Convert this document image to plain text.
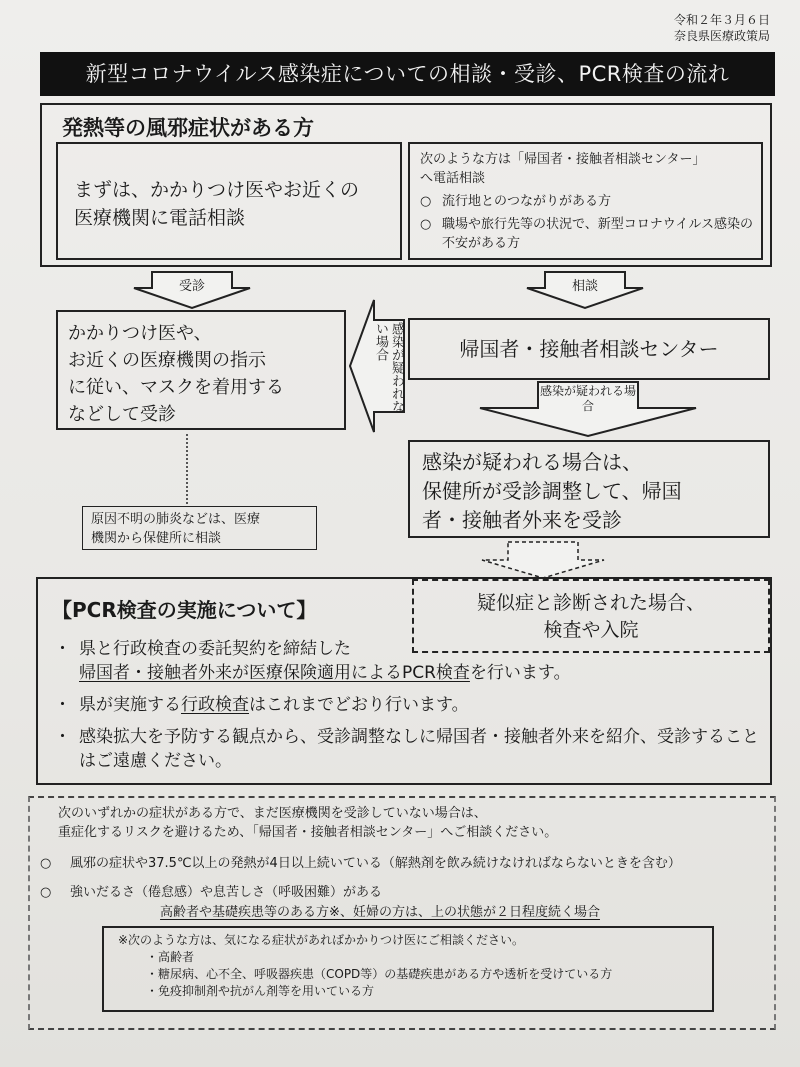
令和２年３月６日
奈良県医療政策局
新型コロナウイルス感染症についての相談・受診、PCR検査の流れ
発熱等の風邪症状がある方
まずは、かかりつけ医やお近くの
医療機関に電話相談
次のような方は「帰国者・接触者相談センター」
へ電話相談
○ 流行地とのつながりがある方
○ 職場や旅行先等の状況で、新型コロナウイルス感染の不安がある方
受診	相談
かかりつけ医や、
お近くの医療機関の指示
に従い、マスクを着用する
などして受診
感染が疑われない場合	帰国者・接触者相談センター
感染が疑われる場合
感染が疑われる場合は、
保健所が受診調整して、帰国
者・接触者外来を受診
原因不明の肺炎などは、医療
機関から保健所に相談
【PCR検査の実施について】	疑似症と診断された場合、
検査や入院
・ 県と行政検査の委託契約を締結した
帰国者・接触者外来が医療保険適用によるPCR検査を行います。
・ 県が実施する行政検査はこれまでどおり行います。
・ 感染拡大を予防する観点から、受診調整なしに帰国者・接触者外来を紹介、受診することはご遠慮ください。
次のいずれかの症状がある方で、まだ医療機関を受診していない場合は、
重症化するリスクを避けるため、「帰国者・接触者相談センター」へご相談ください。
○	風邪の症状や37.5℃以上の発熱が4日以上続いている（解熱剤を飲み続けなければならないときを含む）
○	強いだるさ（倦怠感）や息苦しさ（呼吸困難）がある
高齢者や基礎疾患等のある方※、妊婦の方は、上の状態が２日程度続く場合
※次のような方は、気になる症状があればかかりつけ医にご相談ください。
・高齢者
・糖尿病、心不全、呼吸器疾患（COPD等）の基礎疾患がある方や透析を受けている方
・免疫抑制剤や抗がん剤等を用いている方
